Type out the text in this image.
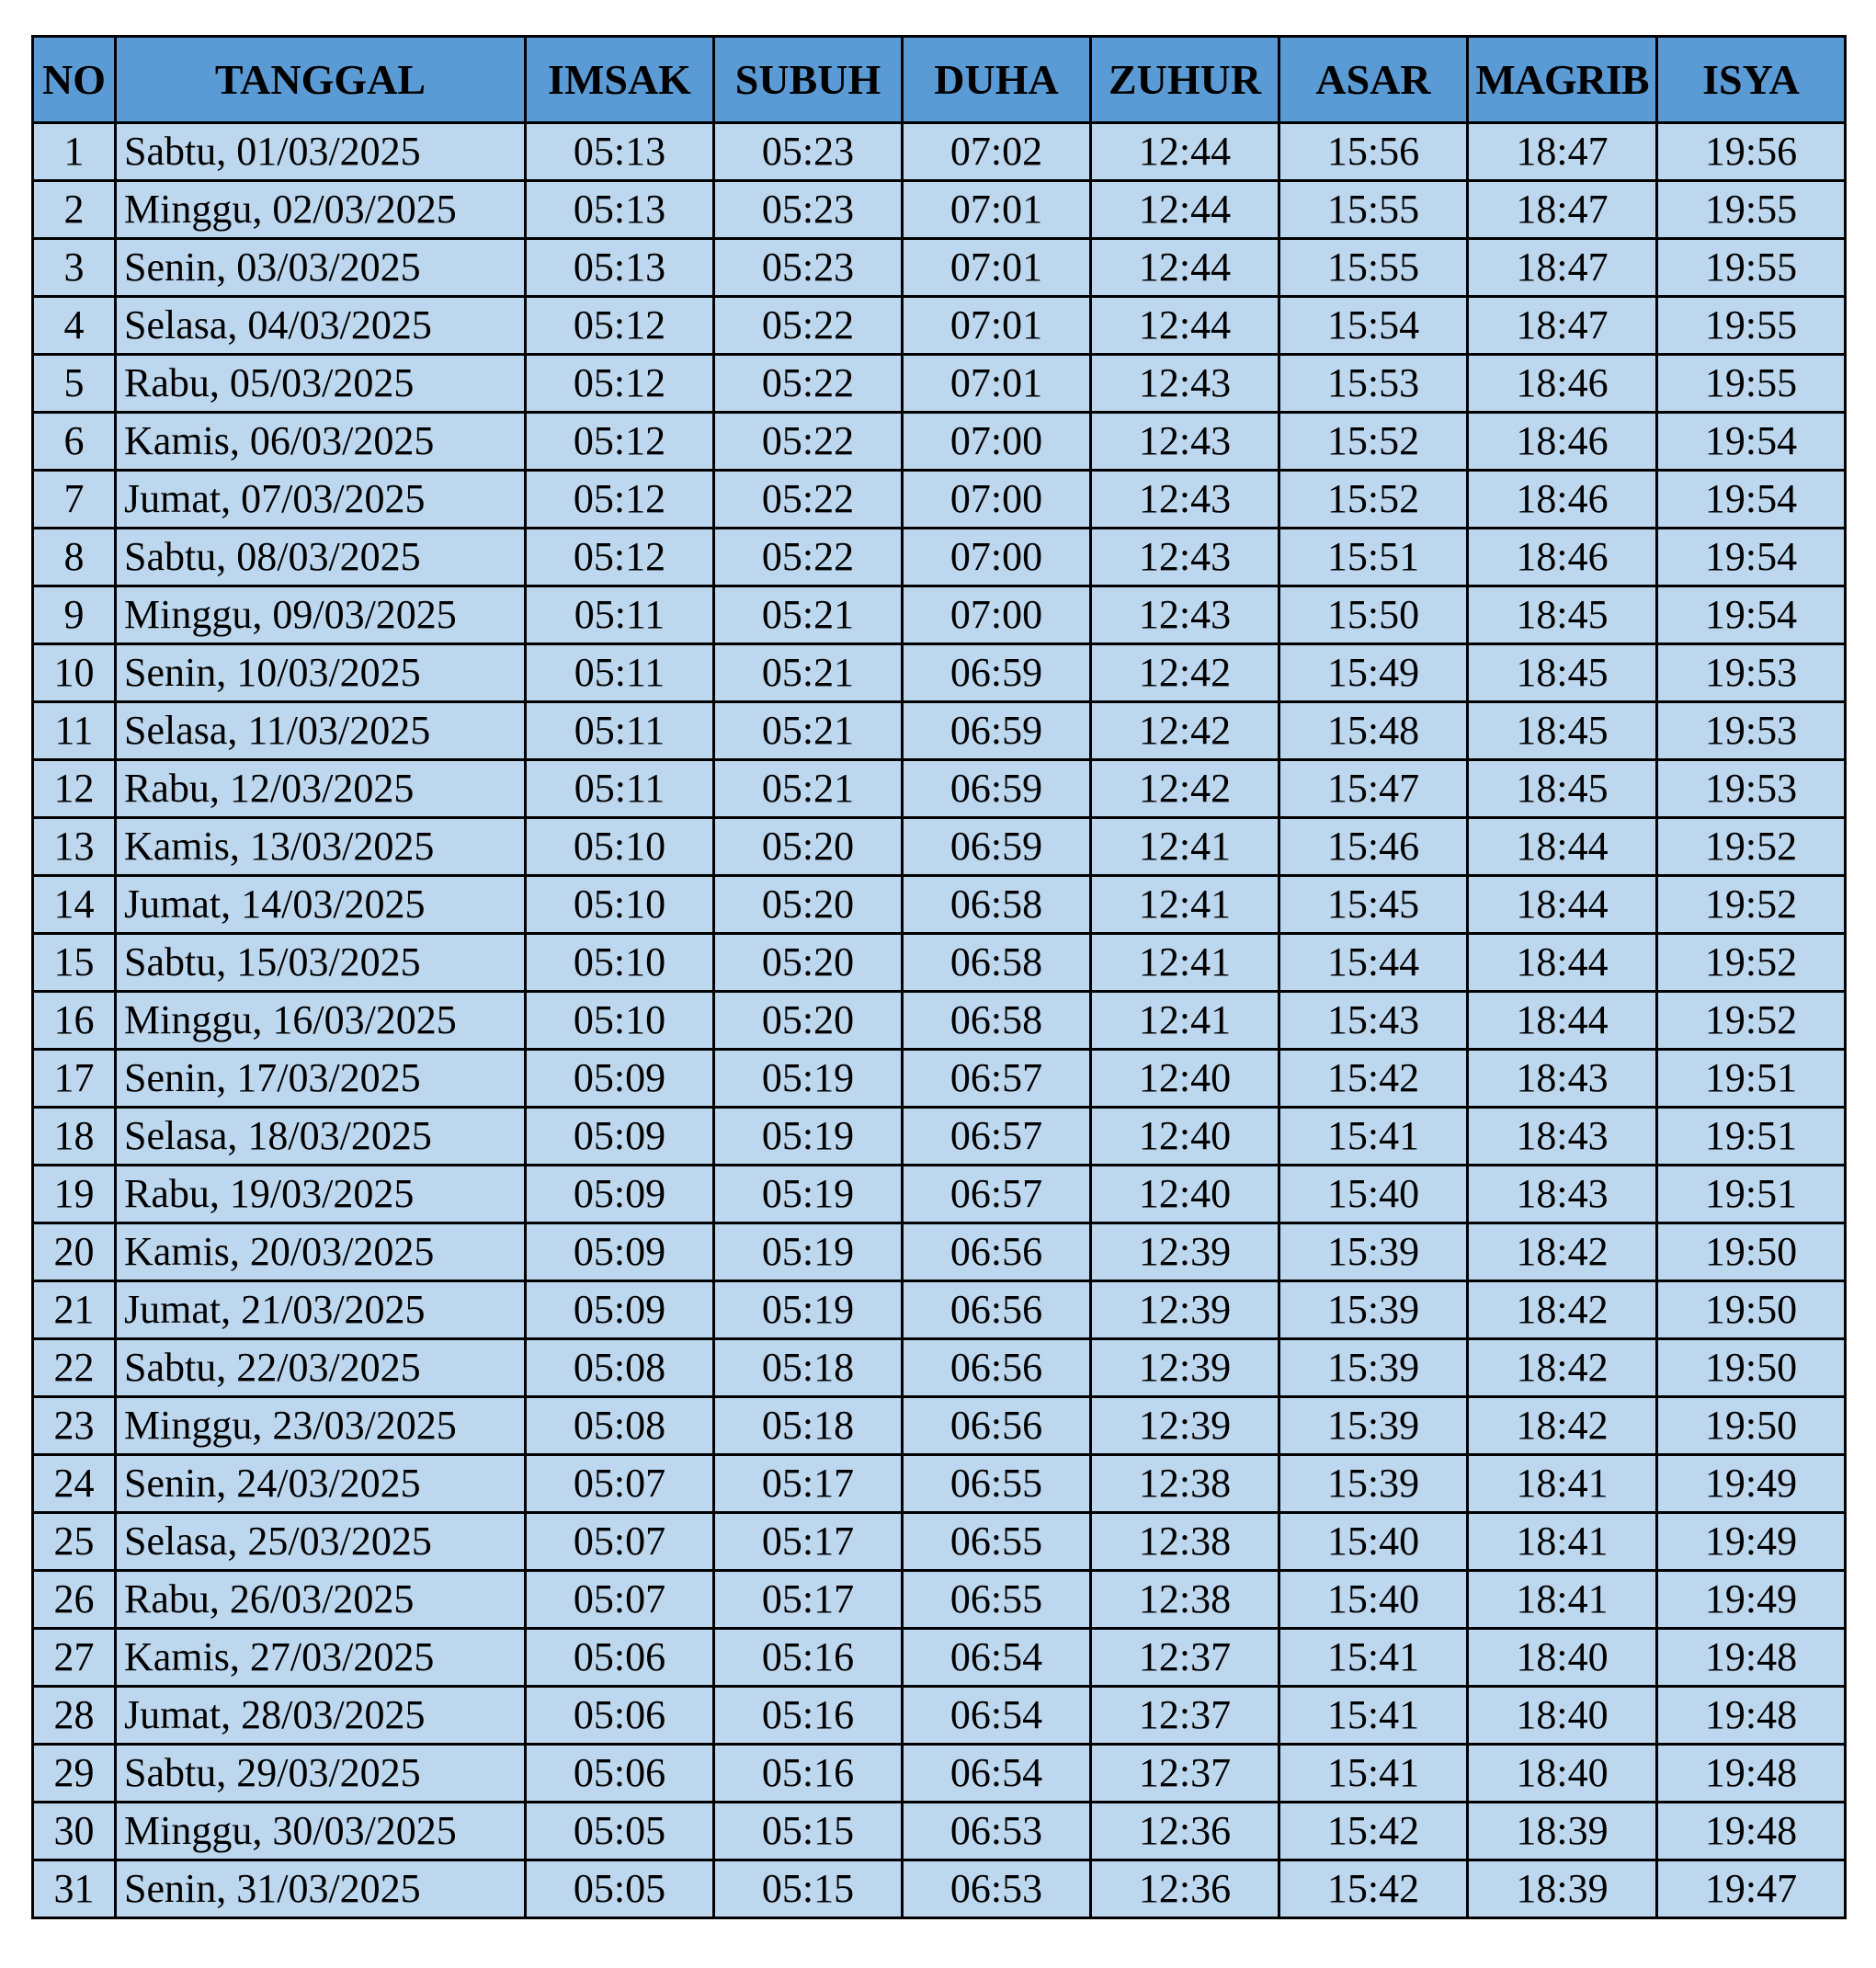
NO	TANGGAL	IMSAK	SUBUH	DUHA	ZUHUR	ASAR	MAGRIB	ISYA
1	Sabtu, 01/03/2025	05:13	05:23	07:02	12:44	15:56	18:47	19:56
2	Minggu, 02/03/2025	05:13	05:23	07:01	12:44	15:55	18:47	19:55
3	Senin, 03/03/2025	05:13	05:23	07:01	12:44	15:55	18:47	19:55
4	Selasa, 04/03/2025	05:12	05:22	07:01	12:44	15:54	18:47	19:55
5	Rabu, 05/03/2025	05:12	05:22	07:01	12:43	15:53	18:46	19:55
6	Kamis, 06/03/2025	05:12	05:22	07:00	12:43	15:52	18:46	19:54
7	Jumat, 07/03/2025	05:12	05:22	07:00	12:43	15:52	18:46	19:54
8	Sabtu, 08/03/2025	05:12	05:22	07:00	12:43	15:51	18:46	19:54
9	Minggu, 09/03/2025	05:11	05:21	07:00	12:43	15:50	18:45	19:54
10	Senin, 10/03/2025	05:11	05:21	06:59	12:42	15:49	18:45	19:53
11	Selasa, 11/03/2025	05:11	05:21	06:59	12:42	15:48	18:45	19:53
12	Rabu, 12/03/2025	05:11	05:21	06:59	12:42	15:47	18:45	19:53
13	Kamis, 13/03/2025	05:10	05:20	06:59	12:41	15:46	18:44	19:52
14	Jumat, 14/03/2025	05:10	05:20	06:58	12:41	15:45	18:44	19:52
15	Sabtu, 15/03/2025	05:10	05:20	06:58	12:41	15:44	18:44	19:52
16	Minggu, 16/03/2025	05:10	05:20	06:58	12:41	15:43	18:44	19:52
17	Senin, 17/03/2025	05:09	05:19	06:57	12:40	15:42	18:43	19:51
18	Selasa, 18/03/2025	05:09	05:19	06:57	12:40	15:41	18:43	19:51
19	Rabu, 19/03/2025	05:09	05:19	06:57	12:40	15:40	18:43	19:51
20	Kamis, 20/03/2025	05:09	05:19	06:56	12:39	15:39	18:42	19:50
21	Jumat, 21/03/2025	05:09	05:19	06:56	12:39	15:39	18:42	19:50
22	Sabtu, 22/03/2025	05:08	05:18	06:56	12:39	15:39	18:42	19:50
23	Minggu, 23/03/2025	05:08	05:18	06:56	12:39	15:39	18:42	19:50
24	Senin, 24/03/2025	05:07	05:17	06:55	12:38	15:39	18:41	19:49
25	Selasa, 25/03/2025	05:07	05:17	06:55	12:38	15:40	18:41	19:49
26	Rabu, 26/03/2025	05:07	05:17	06:55	12:38	15:40	18:41	19:49
27	Kamis, 27/03/2025	05:06	05:16	06:54	12:37	15:41	18:40	19:48
28	Jumat, 28/03/2025	05:06	05:16	06:54	12:37	15:41	18:40	19:48
29	Sabtu, 29/03/2025	05:06	05:16	06:54	12:37	15:41	18:40	19:48
30	Minggu, 30/03/2025	05:05	05:15	06:53	12:36	15:42	18:39	19:48
31	Senin, 31/03/2025	05:05	05:15	06:53	12:36	15:42	18:39	19:47
